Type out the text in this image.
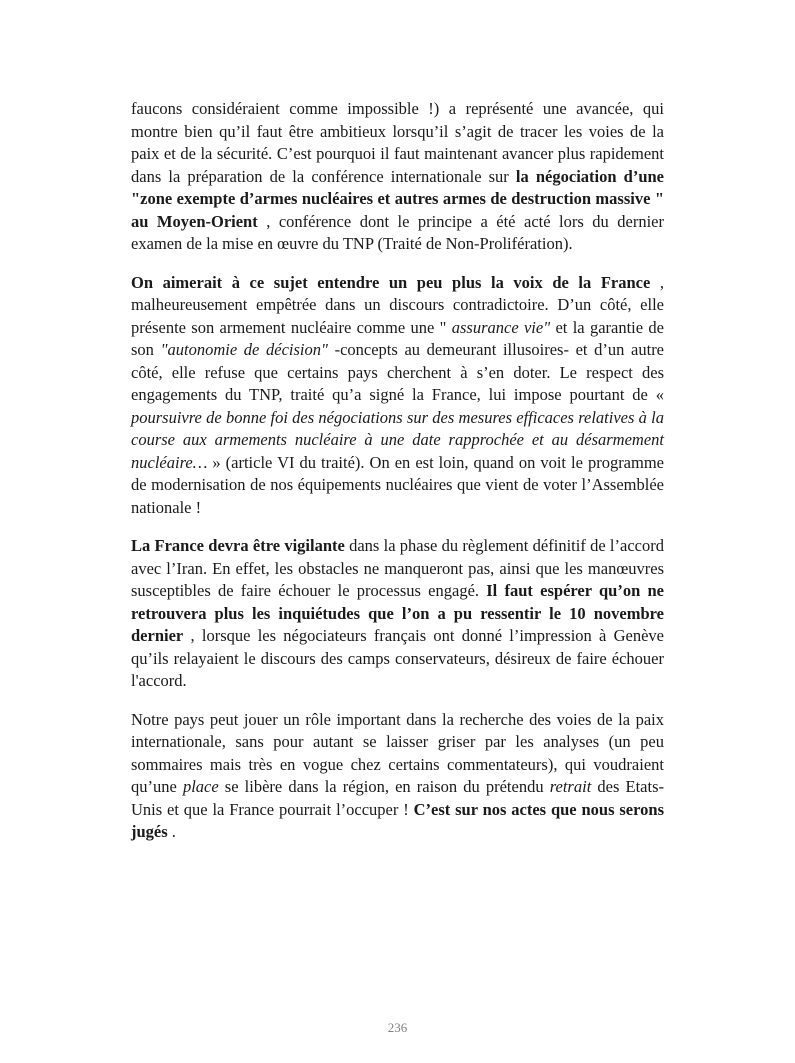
faucons considéraient comme impossible !) a représenté une avancée, qui montre bien qu’il faut être ambitieux lorsqu’il s’agit de tracer les voies de la paix et de la sécurité. C’est pourquoi il faut maintenant avancer plus rapidement dans la préparation de la conférence internationale sur la négociation d’une "zone exempte d’armes nucléaires et autres armes de destruction massive " au Moyen-Orient , conférence dont le principe a été acté lors du dernier examen de la mise en œuvre du TNP (Traité de Non-Prolifération).

On aimerait à ce sujet entendre un peu plus la voix de la France , malheureusement empêtrée dans un discours contradictoire. D’un côté, elle présente son armement nucléaire comme une " assurance vie" et la garantie de son "autonomie de décision" -concepts au demeurant illusoires- et d’un autre côté, elle refuse que certains pays cherchent à s’en doter. Le respect des engagements du TNP, traité qu’a signé la France, lui impose pourtant de « poursuivre de bonne foi des négociations sur des mesures efficaces relatives à la course aux armements nucléaire à une date rapprochée et au désarmement nucléaire… » (article VI du traité). On en est loin, quand on voit le programme de modernisation de nos équipements nucléaires que vient de voter l’Assemblée nationale !

La France devra être vigilante dans la phase du règlement définitif de l’accord avec l’Iran. En effet, les obstacles ne manqueront pas, ainsi que les manœuvres susceptibles de faire échouer le processus engagé. Il faut espérer qu’on ne retrouvera plus les inquiétudes que l’on a pu ressentir le 10 novembre dernier , lorsque les négociateurs français ont donné l’impression à Genève qu’ils relayaient le discours des camps conservateurs, désireux de faire échouer l'accord.

Notre pays peut jouer un rôle important dans la recherche des voies de la paix internationale, sans pour autant se laisser griser par les analyses (un peu sommaires mais très en vogue chez certains commentateurs), qui voudraient qu’une place se libère dans la région, en raison du prétendu retrait des Etats-Unis et que la France pourrait l’occuper ! C’est sur nos actes que nous serons jugés .

236
